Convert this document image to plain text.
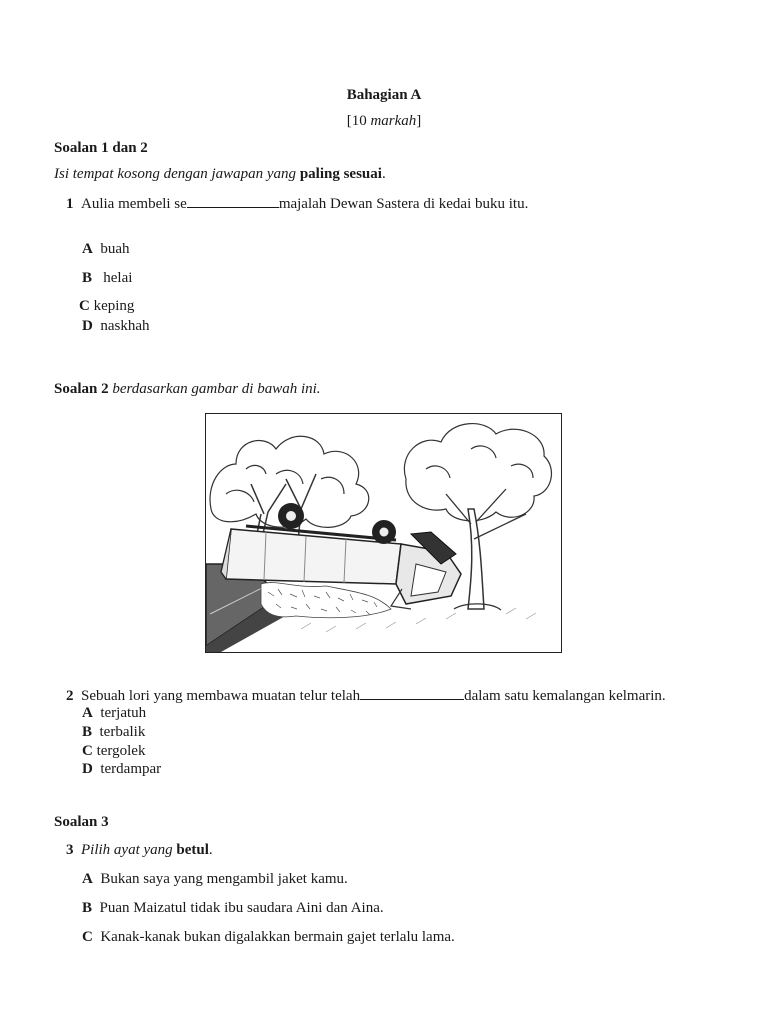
Bahagian A
[10 markah]
Soalan 1 dan 2
Isi tempat kosong dengan jawapan yang paling sesuai.
1 Aulia membeli se	majalah Dewan Sastera di kedai buku itu.
A buah
B helai
C keping
D naskhah
Soalan 2 berdasarkan gambar di bawah ini.
2 Sebuah lori yang membawa muatan telur telah	dalam satu kemalangan kelmarin.
A terjatuh
B terbalik
C tergolek
D terdampar
Soalan 3
3 Pilih ayat yang betul.
A Bukan saya yang mengambil jaket kamu.
B Puan Maizatul tidak ibu saudara Aini dan Aina.
C Kanak-kanak bukan digalakkan bermain gajet terlalu lama.
